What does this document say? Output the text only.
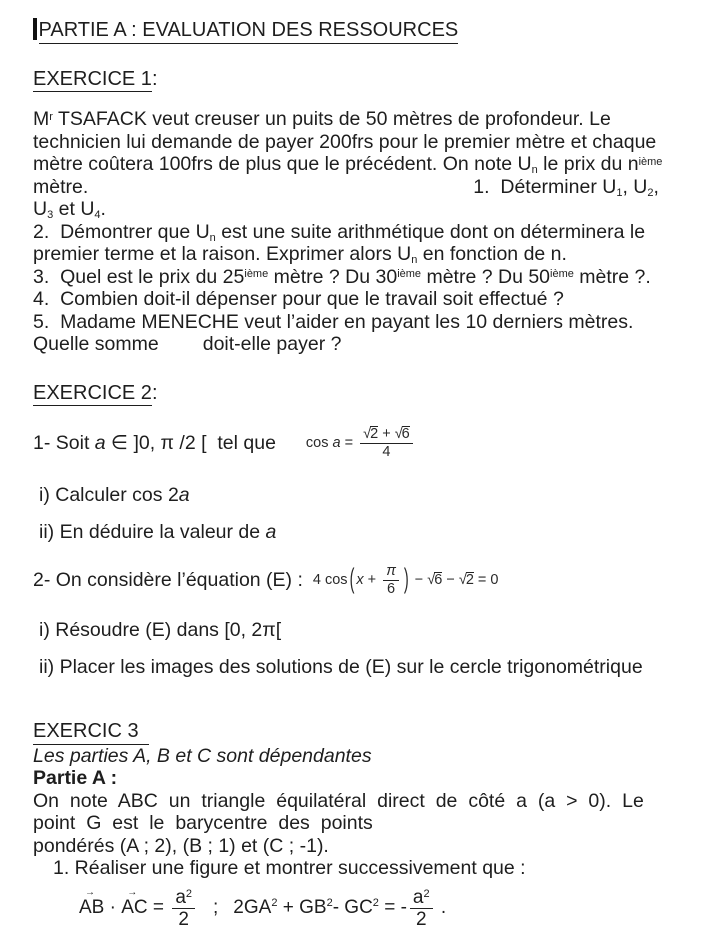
PARTIE A : EVALUATION DES RESSOURCES
EXERCICE 1:
$M^r$ TSAFACK veut creuser un puits de 50 mètres de profondeur. Le
technicien lui demande de payer 200frs pour le premier mètre et chaque
mètre coûtera 100frs de plus que le précédent. On note Un le prix du $n^{ième}$
mètre.	1.  Déterminer U1, U2,
U3 et U4.
2.  Démontrer que Un est une suite arithmétique dont on déterminera le
premier terme et la raison. Exprimer alors Un en fonction de n.
3.  Quel est le prix du 25ième mètre ? Du 30ième mètre ? Du 50ième mètre ?.
4.  Combien doit-il dépenser pour que le travail soit effectué ?
5.  Madame MENECHE veut l’aider en payant les 10 derniers mètres.
Quelle somme doit-elle payer ?
EXERCICE 2:
1- Soit a ∈ ]0, π /2 [  tel que $\cos a = \frac{√2 + √6}{4}$
i) Calculer cos 2a
ii) En déduire la valeur de a
2- On considère l’équation (E) : 4 cos ( $x + \frac{\pi}{6}$ ) − √ 6 − √ 2 = 0
i) Résoudre (E) dans [0, 2π[
ii) Placer les images des solutions de (E) sur le cercle trigonométrique
EXERCIC 3
Les parties A, B et C sont dépendantes
Partie A :
On note ABC un triangle équilatéral direct de côté a (a > 0). Le
point G est le barycentre des points
pondérés (A ; 2), (B ; 1) et (C ; -1).
1. Réaliser une figure et montrer successivement que :
→
AB ·
→
AC = $\frac{a^2}{2}$ ; 2GA 2 + GB 2 - GC 2 = - $\frac{a^2}{2}$ .
